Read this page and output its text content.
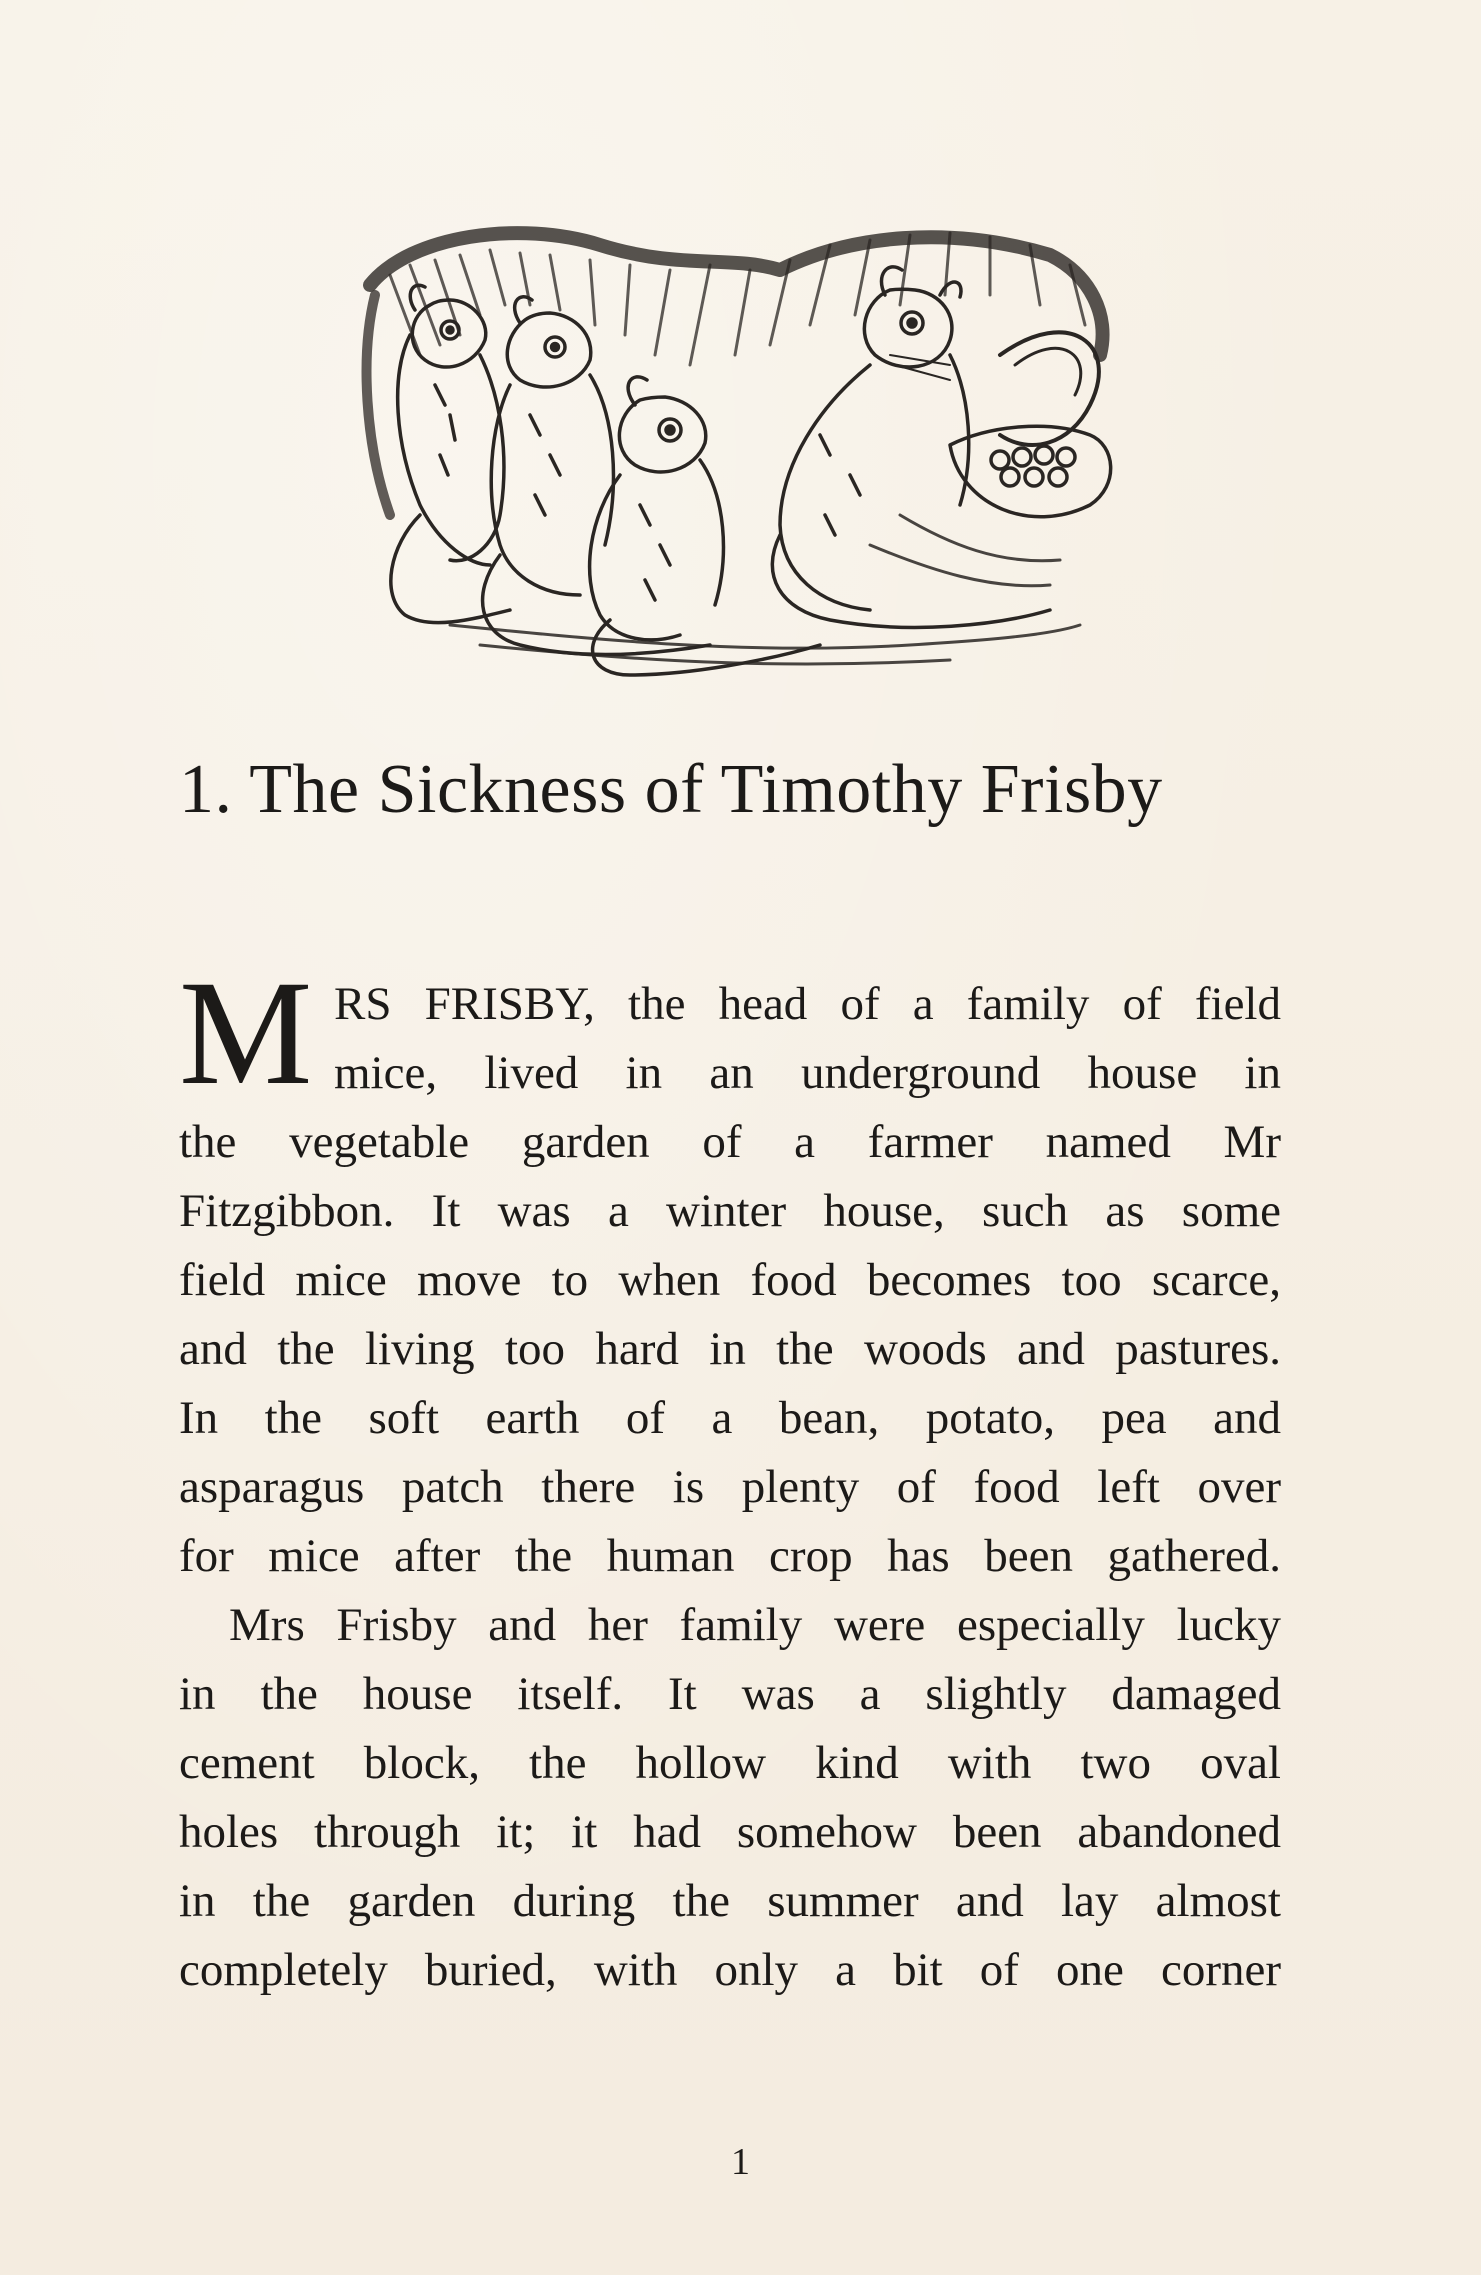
1. The Sickness of Timothy Frisby
M RS FRISBY, the head of a family of field
mice, lived in an underground house in
the vegetable garden of a farmer named Mr
Fitzgibbon. It was a winter house, such as some
field mice move to when food becomes too scarce,
and the living too hard in the woods and pastures.
In the soft earth of a bean, potato, pea and
asparagus patch there is plenty of food left over
for mice after the human crop has been gathered.
Mrs Frisby and her family were especially lucky
in the house itself. It was a slightly damaged
cement block, the hollow kind with two oval
holes through it; it had somehow been abandoned
in the garden during the summer and lay almost
completely buried, with only a bit of one corner
1
